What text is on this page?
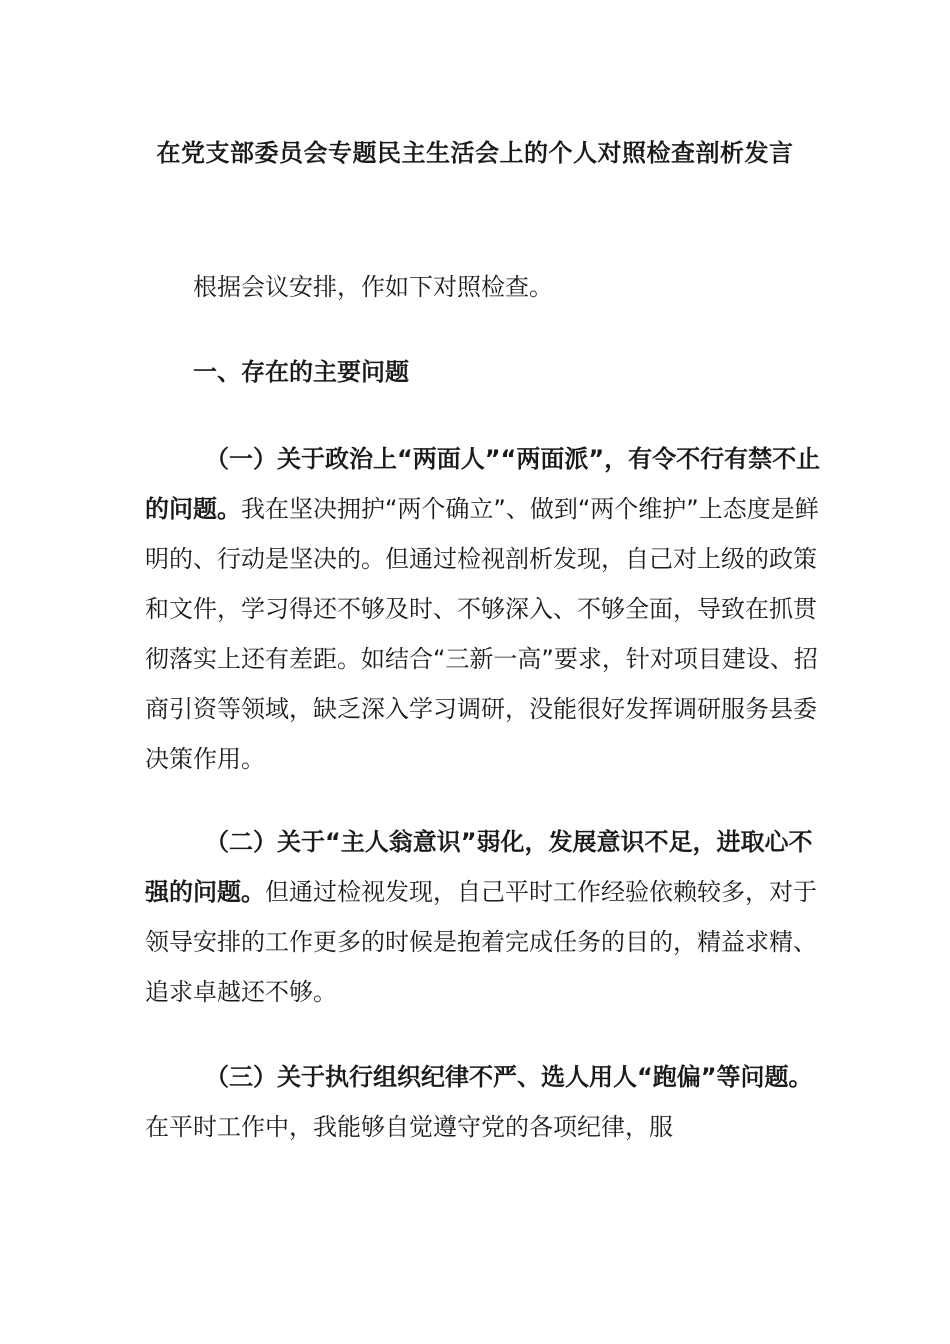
在党支部委员会专题民主生活会上的个人对照检查剖析发言

根据会议安排，作如下对照检查。

一、存在的主要问题

（一）关于政治上“两面人”“两面派”，有令不行有禁不止的问题。我在坚决拥护“两个确立”、做到“两个维护”上态度是鲜明的、行动是坚决的。但通过检视剖析发现，自己对上级的政策和文件，学习得还不够及时、不够深入、不够全面，导致在抓贯彻落实上还有差距。如结合“三新一高”要求，针对项目建设、招商引资等领域，缺乏深入学习调研，没能很好发挥调研服务县委决策作用。

（二）关于“主人翁意识”弱化，发展意识不足，进取心不强的问题。但通过检视发现，自己平时工作经验依赖较多，对于领导安排的工作更多的时候是抱着完成任务的目的，精益求精、追求卓越还不够。

（三）关于执行组织纪律不严、选人用人“跑偏”等问题。在平时工作中，我能够自觉遵守党的各项纪律，服
